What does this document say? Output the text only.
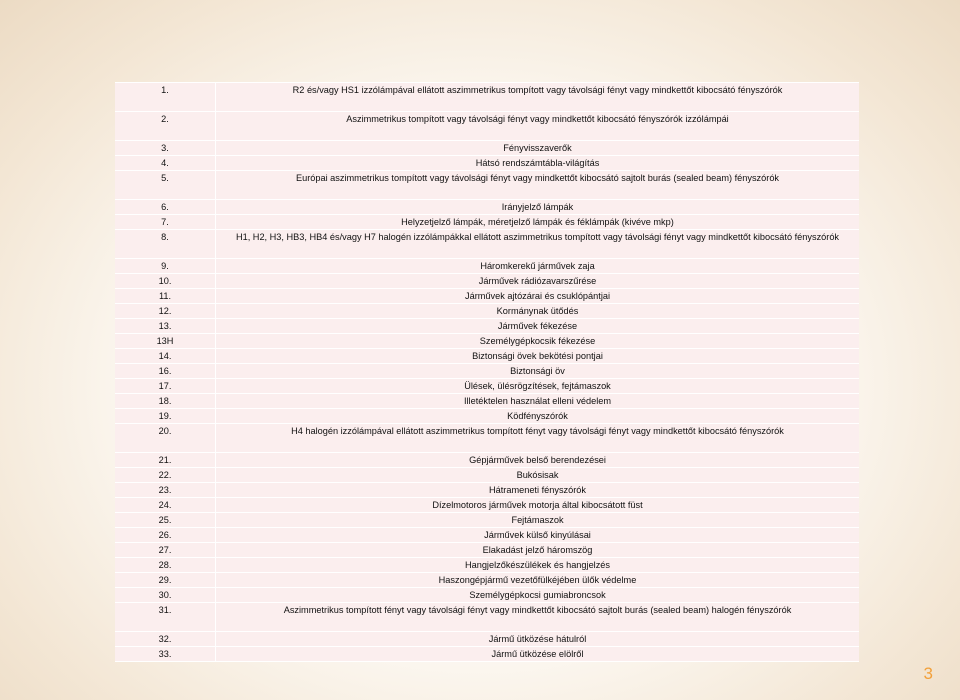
1.	R2 és/vagy HS1 izzólámpával ellátott aszimmetrikus tompított vagy távolsági fényt vagy mindkettőt kibocsátó fényszórók
2.	Aszimmetrikus tompított vagy távolsági fényt vagy mindkettőt kibocsátó fényszórók izzólámpái
3.	Fényvisszaverők
4.	Hátsó rendszámtábla-világítás
5.	Európai aszimmetrikus tompított vagy távolsági fényt vagy mindkettőt kibocsátó sajtolt burás (sealed beam) fényszórók
6.	Irányjelző lámpák
7.	Helyzetjelző lámpák, méretjelző lámpák és féklámpák (kivéve mkp)
8.	H1, H2, H3, HB3, HB4 és/vagy H7 halogén izzólámpákkal ellátott aszimmetrikus tompított vagy távolsági fényt vagy mindkettőt kibocsátó fényszórók
9.	Háromkerekű járművek zaja
10.	Járművek rádiózavarszűrése
11.	Járművek ajtózárai és csuklópántjai
12.	Kormánynak ütődés
13.	Járművek fékezése
13H	Személygépkocsik fékezése
14.	Biztonsági övek bekötési pontjai
16.	Biztonsági öv
17.	Ülések, ülésrögzítések, fejtámaszok
18.	Illetéktelen használat elleni védelem
19.	Ködfényszórók
20.	H4 halogén izzólámpával ellátott aszimmetrikus tompított fényt vagy távolsági fényt vagy mindkettőt kibocsátó fényszórók
21.	Gépjárművek belső berendezései
22.	Bukósisak
23.	Hátrameneti fényszórók
24.	Dízelmotoros járművek motorja által kibocsátott füst
25.	Fejtámaszok
26.	Járművek külső kinyúlásai
27.	Elakadást jelző háromszög
28.	Hangjelzőkészülékek és hangjelzés
29.	Haszongépjármű vezetőfülkéjében ülők védelme
30.	Személygépkocsi gumiabroncsok
31.	Aszimmetrikus tompított fényt vagy távolsági fényt vagy mindkettőt kibocsátó sajtolt burás (sealed beam) halogén fényszórók
32.	Jármű ütközése hátulról
33.	Jármű ütközése elölről
3
